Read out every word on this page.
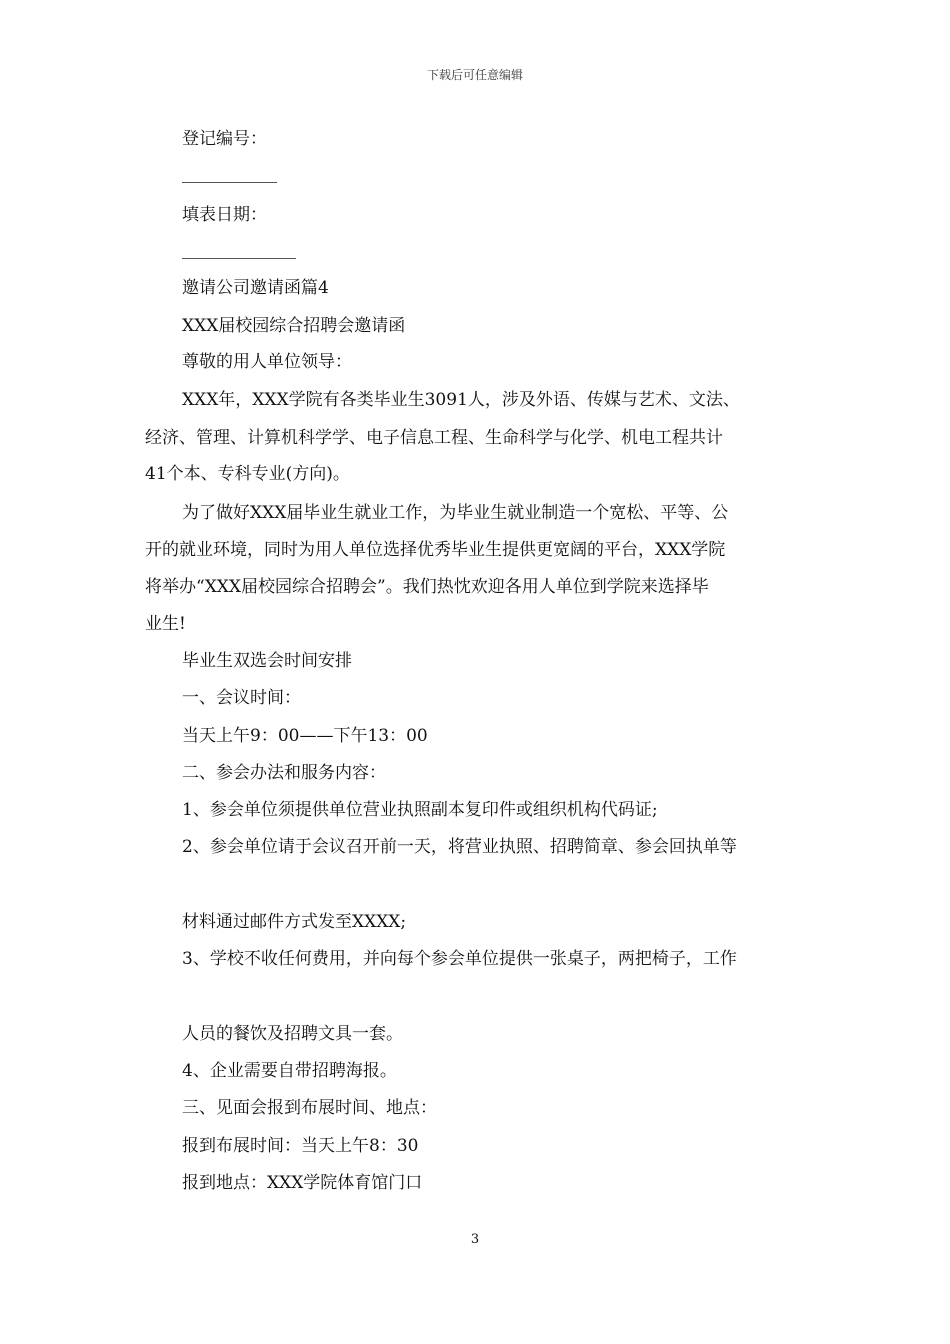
下载后可任意编辑
登记编号：
填表日期：
邀请公司邀请函篇4
XXX届校园综合招聘会邀请函
尊敬的用人单位领导：
XXX年，XXX学院有各类毕业生3091人，涉及外语、传媒与艺术、文法、
经济、管理、计算机科学学、电子信息工程、生命科学与化学、机电工程共计
41个本、专科专业(方向)。
为了做好XXX届毕业生就业工作，为毕业生就业制造一个宽松、平等、公
开的就业环境，同时为用人单位选择优秀毕业生提供更宽阔的平台，XXX学院
将举办“XXX届校园综合招聘会”。我们热忱欢迎各用人单位到学院来选择毕
业生!
毕业生双选会时间安排
一、会议时间：
当天上午9：00——下午13：00
二、参会办法和服务内容：
1、参会单位须提供单位营业执照副本复印件或组织机构代码证;
2、参会单位请于会议召开前一天，将营业执照、招聘简章、参会回执单等
材料通过邮件方式发至XXXX;
3、学校不收任何费用，并向每个参会单位提供一张桌子，两把椅子，工作
人员的餐饮及招聘文具一套。
4、企业需要自带招聘海报。
三、见面会报到布展时间、地点：
报到布展时间：当天上午8：30
报到地点：XXX学院体育馆门口
3
